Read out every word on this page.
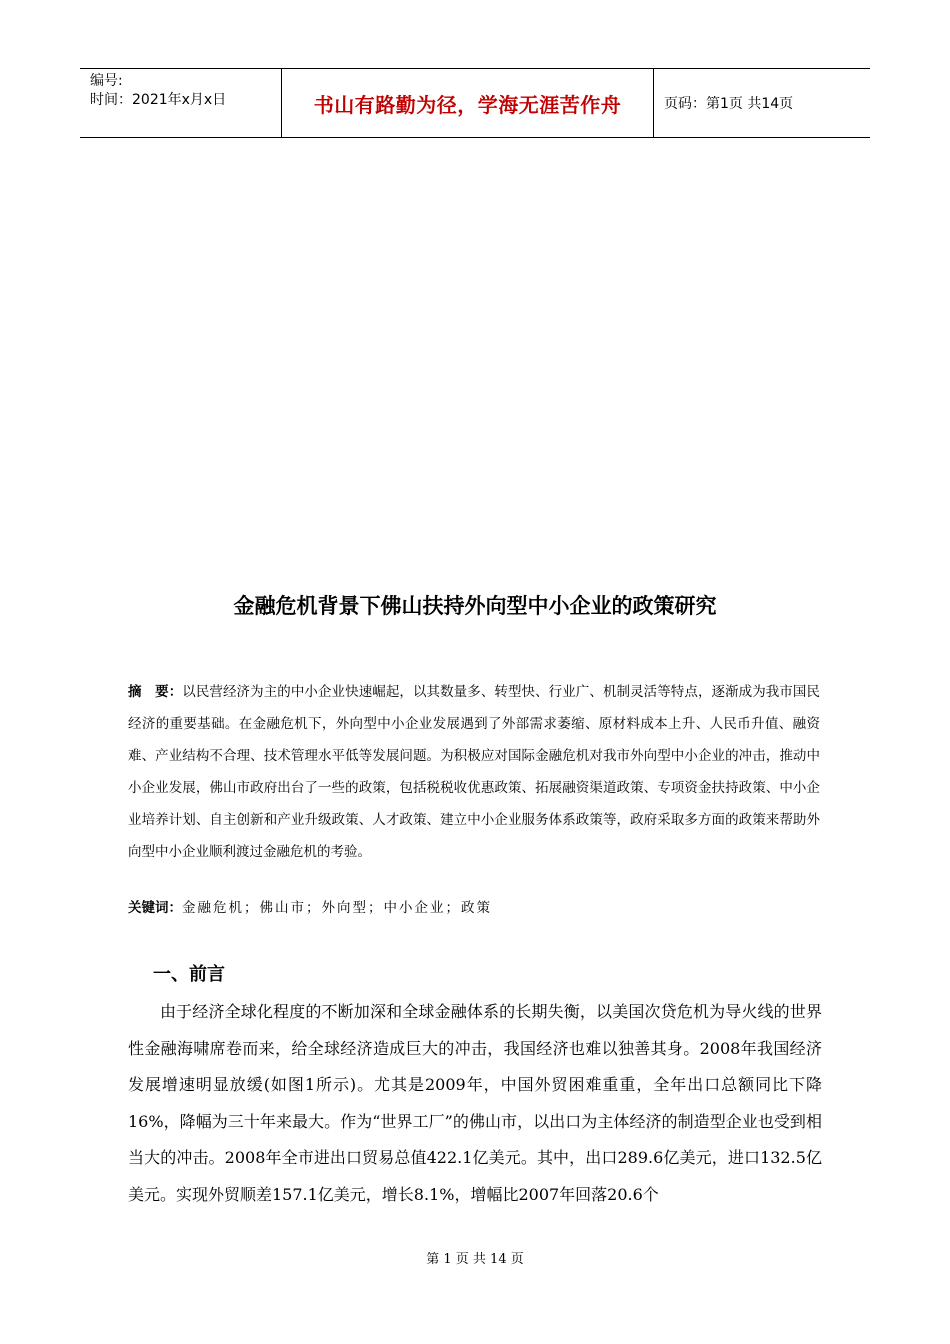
编号:
时间：2021年x月x日	书山有路勤为径，学海无涯苦作舟	页码：第1页 共14页
金融危机背景下佛山扶持外向型中小企业的政策研究
摘　要：以民营经济为主的中小企业快速崛起，以其数量多、转型快、行业广、机制灵活等特点，逐渐成为我市国民经济的重要基础。在金融危机下，外向型中小企业发展遇到了外部需求萎缩、原材料成本上升、人民币升值、融资难、产业结构不合理、技术管理水平低等发展问题。为积极应对国际金融危机对我市外向型中小企业的冲击，推动中小企业发展，佛山市政府出台了一些的政策，包括税税收优惠政策、拓展融资渠道政策、专项资金扶持政策、中小企业培养计划、自主创新和产业升级政策、人才政策、建立中小企业服务体系政策等，政府采取多方面的政策来帮助外向型中小企业顺利渡过金融危机的考验。
关键词：金融危机；佛山市；外向型；中小企业；政策
一、前言

由于经济全球化程度的不断加深和全球金融体系的长期失衡，以美国次贷危机为导火线的世界性金融海啸席卷而来，给全球经济造成巨大的冲击，我国经济也难以独善其身。2008年我国经济发展增速明显放缓(如图1所示)。尤其是2009年，中国外贸困难重重，全年出口总额同比下降16%，降幅为三十年来最大。作为“世界工厂”的佛山市，以出口为主体经济的制造型企业也受到相当大的冲击。2008年全市进出口贸易总值422.1亿美元。其中，出口289.6亿美元，进口132.5亿美元。实现外贸顺差157.1亿美元，增长8.1%，增幅比2007年回落20.6个

第 1 页 共 14 页
